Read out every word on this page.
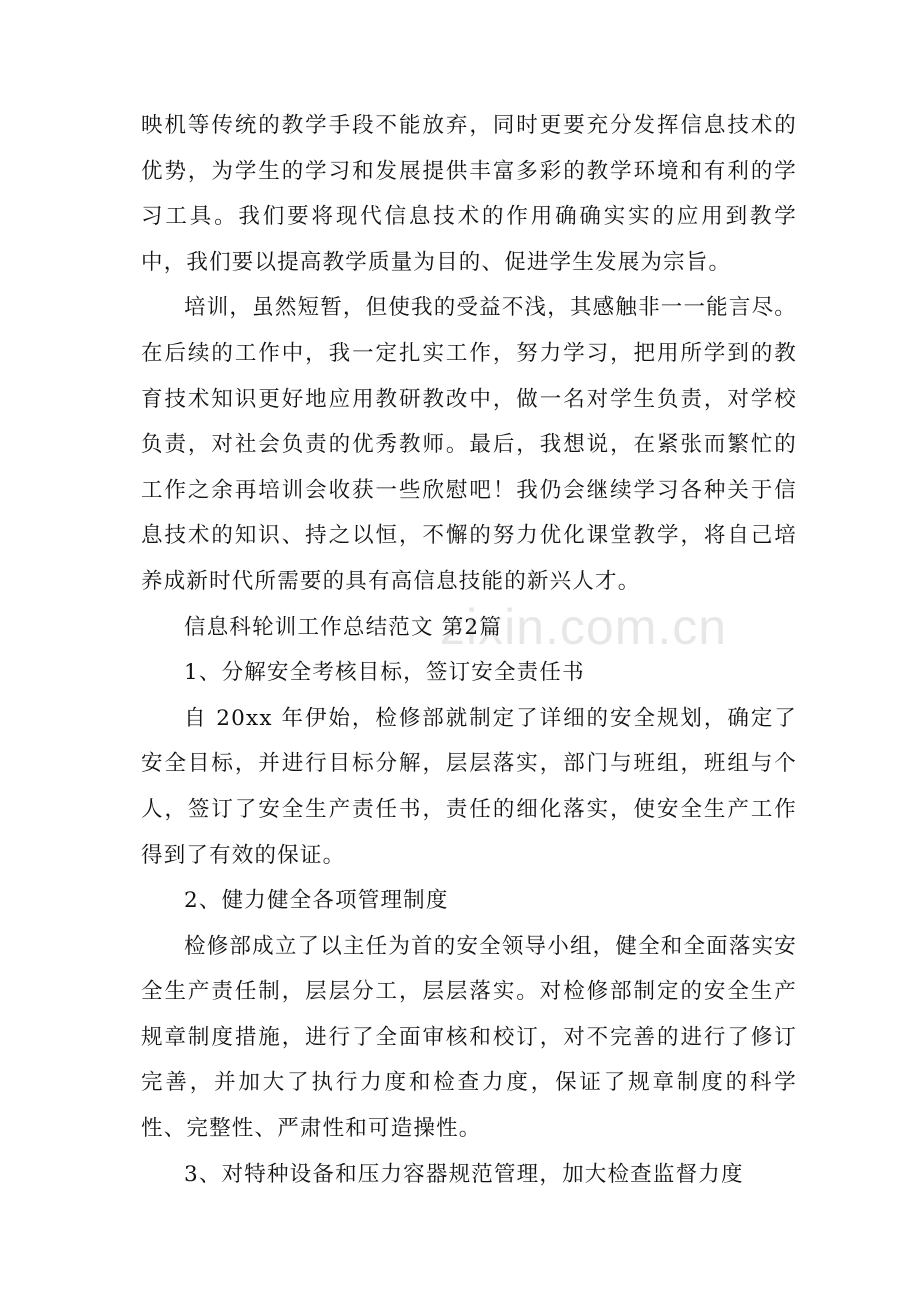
zixin.com.cn

映机等传统的教学手段不能放弃，同时更要充分发挥信息技术的优势，为学生的学习和发展提供丰富多彩的教学环境和有利的学习工具。我们要将现代信息技术的作用确确实实的应用到教学中，我们要以提高教学质量为目的、促进学生发展为宗旨。

培训，虽然短暂，但使我的受益不浅，其感触非一一能言尽。在后续的工作中，我一定扎实工作，努力学习，把用所学到的教育技术知识更好地应用教研教改中，做一名对学生负责，对学校负责，对社会负责的优秀教师。最后，我想说，在紧张而繁忙的工作之余再培训会收获一些欣慰吧！我仍会继续学习各种关于信息技术的知识、持之以恒，不懈的努力优化课堂教学，将自己培养成新时代所需要的具有高信息技能的新兴人才。

信息科轮训工作总结范文 第2篇

1、分解安全考核目标，签订安全责任书

自 20xx 年伊始，检修部就制定了详细的安全规划，确定了安全目标，并进行目标分解，层层落实，部门与班组，班组与个人，签订了安全生产责任书，责任的细化落实，使安全生产工作得到了有效的保证。

2、健力健全各项管理制度

检修部成立了以主任为首的安全领导小组，健全和全面落实安全生产责任制，层层分工，层层落实。对检修部制定的安全生产规章制度措施，进行了全面审核和校订，对不完善的进行了修订完善，并加大了执行力度和检查力度，保证了规章制度的科学性、完整性、严肃性和可造操性。

3、对特种设备和压力容器规范管理，加大检查监督力度
